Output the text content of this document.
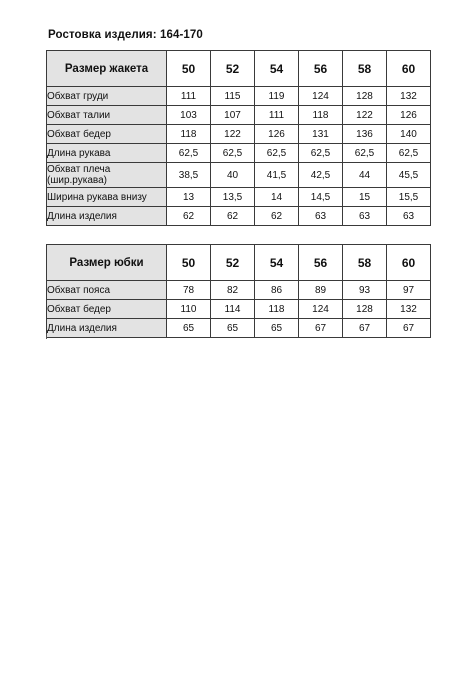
Ростовка изделия: 164-170
Размер жакета	50	52	54	56	58	60
Обхват груди	111	115	119	124	128	132
Обхват талии	103	107	111	118	122	126
Обхват бедер	118	122	126	131	136	140
Длина рукава	62,5	62,5	62,5	62,5	62,5	62,5
Обхват плеча (шир.рукава)	38,5	40	41,5	42,5	44	45,5
Ширина рукава внизу	13	13,5	14	14,5	15	15,5
Длина изделия	62	62	62	63	63	63
Размер юбки	50	52	54	56	58	60
Обхват пояса	78	82	86	89	93	97
Обхват бедер	110	114	118	124	128	132
Длина изделия	65	65	65	67	67	67
